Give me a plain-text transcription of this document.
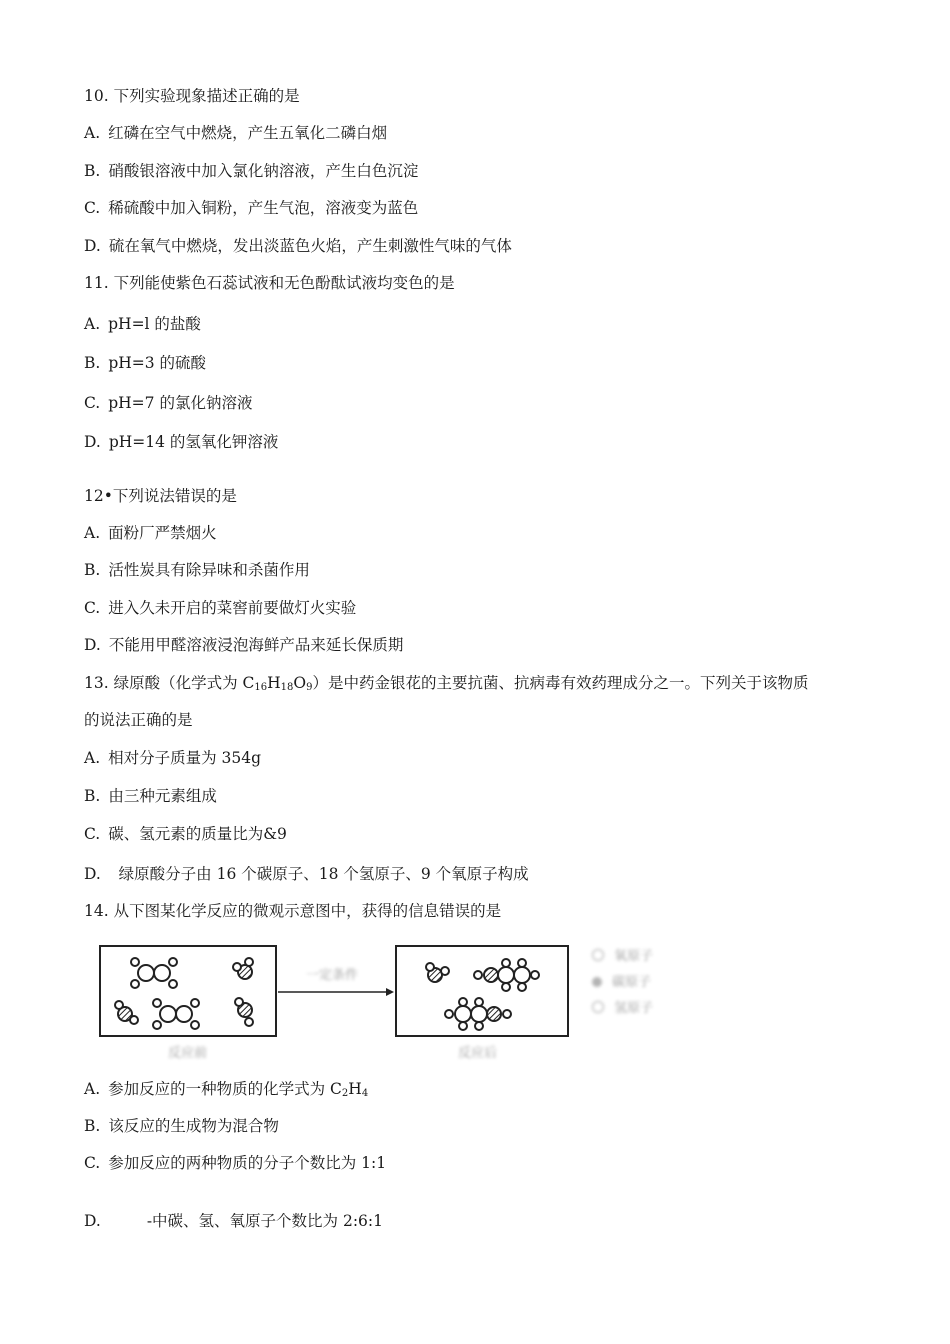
10. 下列实验现象描述正确的是
A. 红磷在空气中燃烧，产生五氧化二磷白烟
B. 硝酸银溶液中加入氯化钠溶液，产生白色沉淀
C. 稀硫酸中加入铜粉，产生气泡，溶液变为蓝色
D. 硫在氧气中燃烧，发出淡蓝色火焰，产生刺激性气味的气体
11. 下列能使紫色石蕊试液和无色酚酞试液均变色的是
A. pH=l 的盐酸
B. pH=3 的硫酸
C. pH=7 的氯化钠溶液
D. pH=14 的氢氧化钾溶液
12•下列说法错误的是
A. 面粉厂严禁烟火
B. 活性炭具有除异味和杀菌作用
C. 进入久未开启的菜窖前要做灯火实验
D. 不能用甲醛溶液浸泡海鲜产品来延长保质期
13. 绿原酸（化学式为 $C_{16}H_{18}O_9$）是中药金银花的主要抗菌、抗病毒有效药理成分之一。下列关于该物质
的说法正确的是
A. 相对分子质量为 354g
B. 由三种元素组成
C. 碳、氢元素的质量比为&9
D.  绿原酸分子由 16 个碳原子、18 个氢原子、9 个氧原子构成
14. 从下图某化学反应的微观示意图中，获得的信息错误的是
一定条件
反应前	反应后
氧原子
碳原子
氢原子
A. 参加反应的一种物质的化学式为 $C_2H_4$
B. 该反应的生成物为混合物
C. 参加反应的两种物质的分子个数比为 1:1
D.	-中碳、氢、氧原子个数比为 2:6:1
